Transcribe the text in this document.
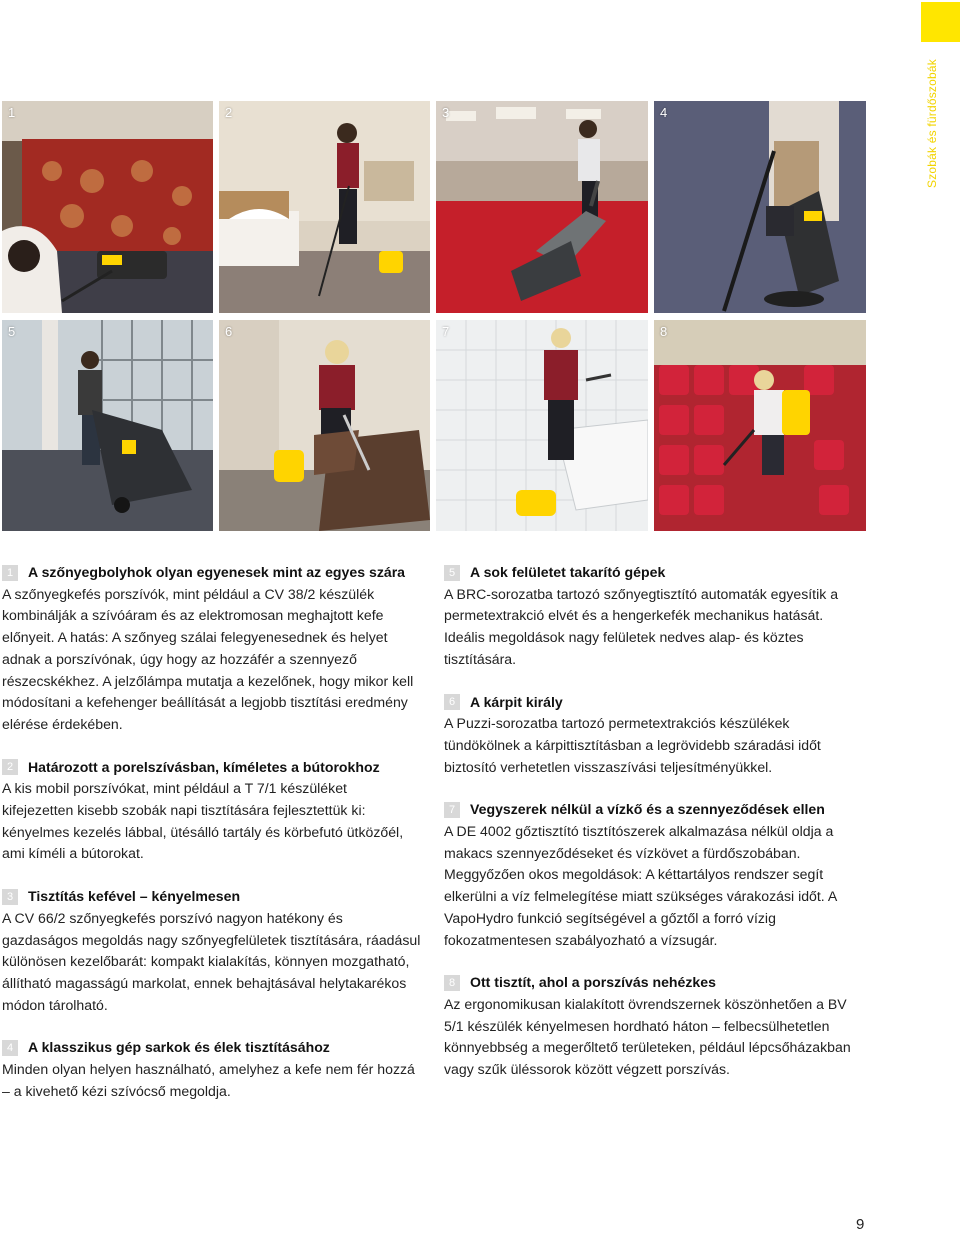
Szobák és fürdőszobák
1	2	3	4
5	6	7	8
1	A szőnyegbolyhok olyan egyenesek mint az egyes szára

A szőnyegkefés porszívók, mint például a CV 38/2 készülék kombinálják a szívóáram és az elektromosan meghajtott kefe előnyeit. A hatás: A szőnyeg szálai felegyenesednek és helyet adnak a porszívónak, úgy hogy az hozzáfér a szennyező részecskékhez. A jelzőlámpa mutatja a kezelőnek, hogy mikor kell módosítani a kefehenger beállítását a legjobb tisztítási eredmény elérése érdekében.

2	Határozott a porelszívásban, kíméletes a bútorokhoz

A kis mobil porszívókat, mint például a T 7/1 készüléket kifejezetten kisebb szobák napi tisztítására fejlesztettük ki: kényelmes kezelés lábbal, ütésálló tartály és körbefutó ütközőél, ami kíméli a bútorokat.

3	Tisztítás kefével – kényelmesen

A CV 66/2 szőnyegkefés porszívó nagyon hatékony és gazdaságos megoldás nagy szőnyegfelületek tisztítására, ráadásul különösen kezelőbarát: kompakt kialakítás, könnyen mozgatható, állítható magasságú markolat, ennek behajtásával helytakarékos módon tárolható.

4	A klasszikus gép sarkok és élek tisztításához

Minden olyan helyen használható, amelyhez a kefe nem fér hozzá – a kivehető kézi szívócső megoldja.

5	A sok felületet takarító gépek

A BRC-sorozatba tartozó szőnyegtisztító automaták egyesítik a permetextrakció elvét és a hengerkefék mechanikus hatását. Ideális megoldások nagy felületek nedves alap- és köztes tisztítására.

6	A kárpit király

A Puzzi-sorozatba tartozó permetextrakciós készülékek tündökölnek a kárpittisztításban a legrövidebb száradási időt biztosító verhetetlen visszaszívási teljesítményükkel.

7	Vegyszerek nélkül a vízkő és a szennyeződések ellen

A DE 4002 gőztisztító tisztítószerek alkalmazása nélkül oldja a makacs szennyeződéseket és vízkövet a fürdőszobában. Meggyőzően okos megoldások: A kéttartályos rendszer segít elkerülni a víz felmelegítése miatt szükséges várakozási időt. A VapoHydro funkció segítségével a gőztől a forró vízig fokozatmentesen szabályozható a vízsugár.

8	Ott tisztít, ahol a porszívás nehézkes

Az ergonomikusan kialakított övrendszernek köszönhetően a BV 5/1 készülék kényelmesen hordható háton – felbecsülhetetlen könnyebbség a megerőltető területeken, például lépcsőházakban vagy szűk üléssorok között végzett porszívás.

9
